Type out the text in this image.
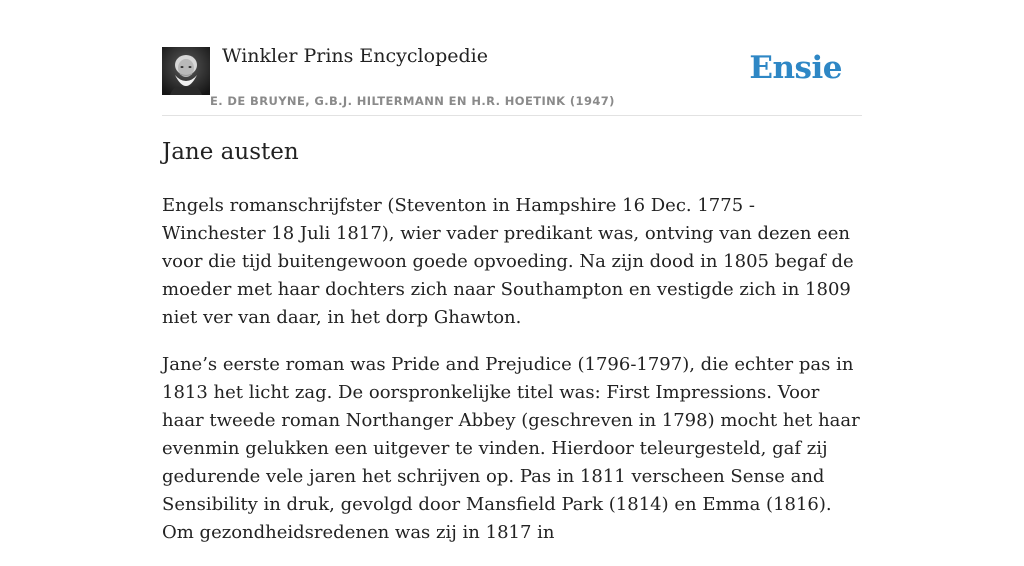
Winkler Prins Encyclopedie
E. DE BRUYNE, G.B.J. HILTERMANN EN H.R. HOETINK (1947)
Ensie
Jane austen

Engels romanschrijfster (Steventon in Hampshire 16 Dec. 1775 - Winchester 18 Juli 1817), wier vader predikant was, ontving van dezen een voor die tijd buitengewoon goede opvoeding. Na zijn dood in 1805 begaf de moeder met haar dochters zich naar Southampton en vestigde zich in 1809 niet ver van daar, in het dorp Ghawton.

Jane’s eerste roman was Pride and Prejudice (1796-1797), die echter pas in 1813 het licht zag. De oorspronkelijke titel was: First Impressions. Voor haar tweede roman Northanger Abbey (geschreven in 1798) mocht het haar evenmin gelukken een uitgever te vinden. Hierdoor teleurgesteld, gaf zij gedurende vele jaren het schrijven op. Pas in 1811 verscheen Sense and Sensibility in druk, gevolgd door Mansfield Park (1814) en Emma (1816). Om gezondheidsredenen was zij in 1817 in
